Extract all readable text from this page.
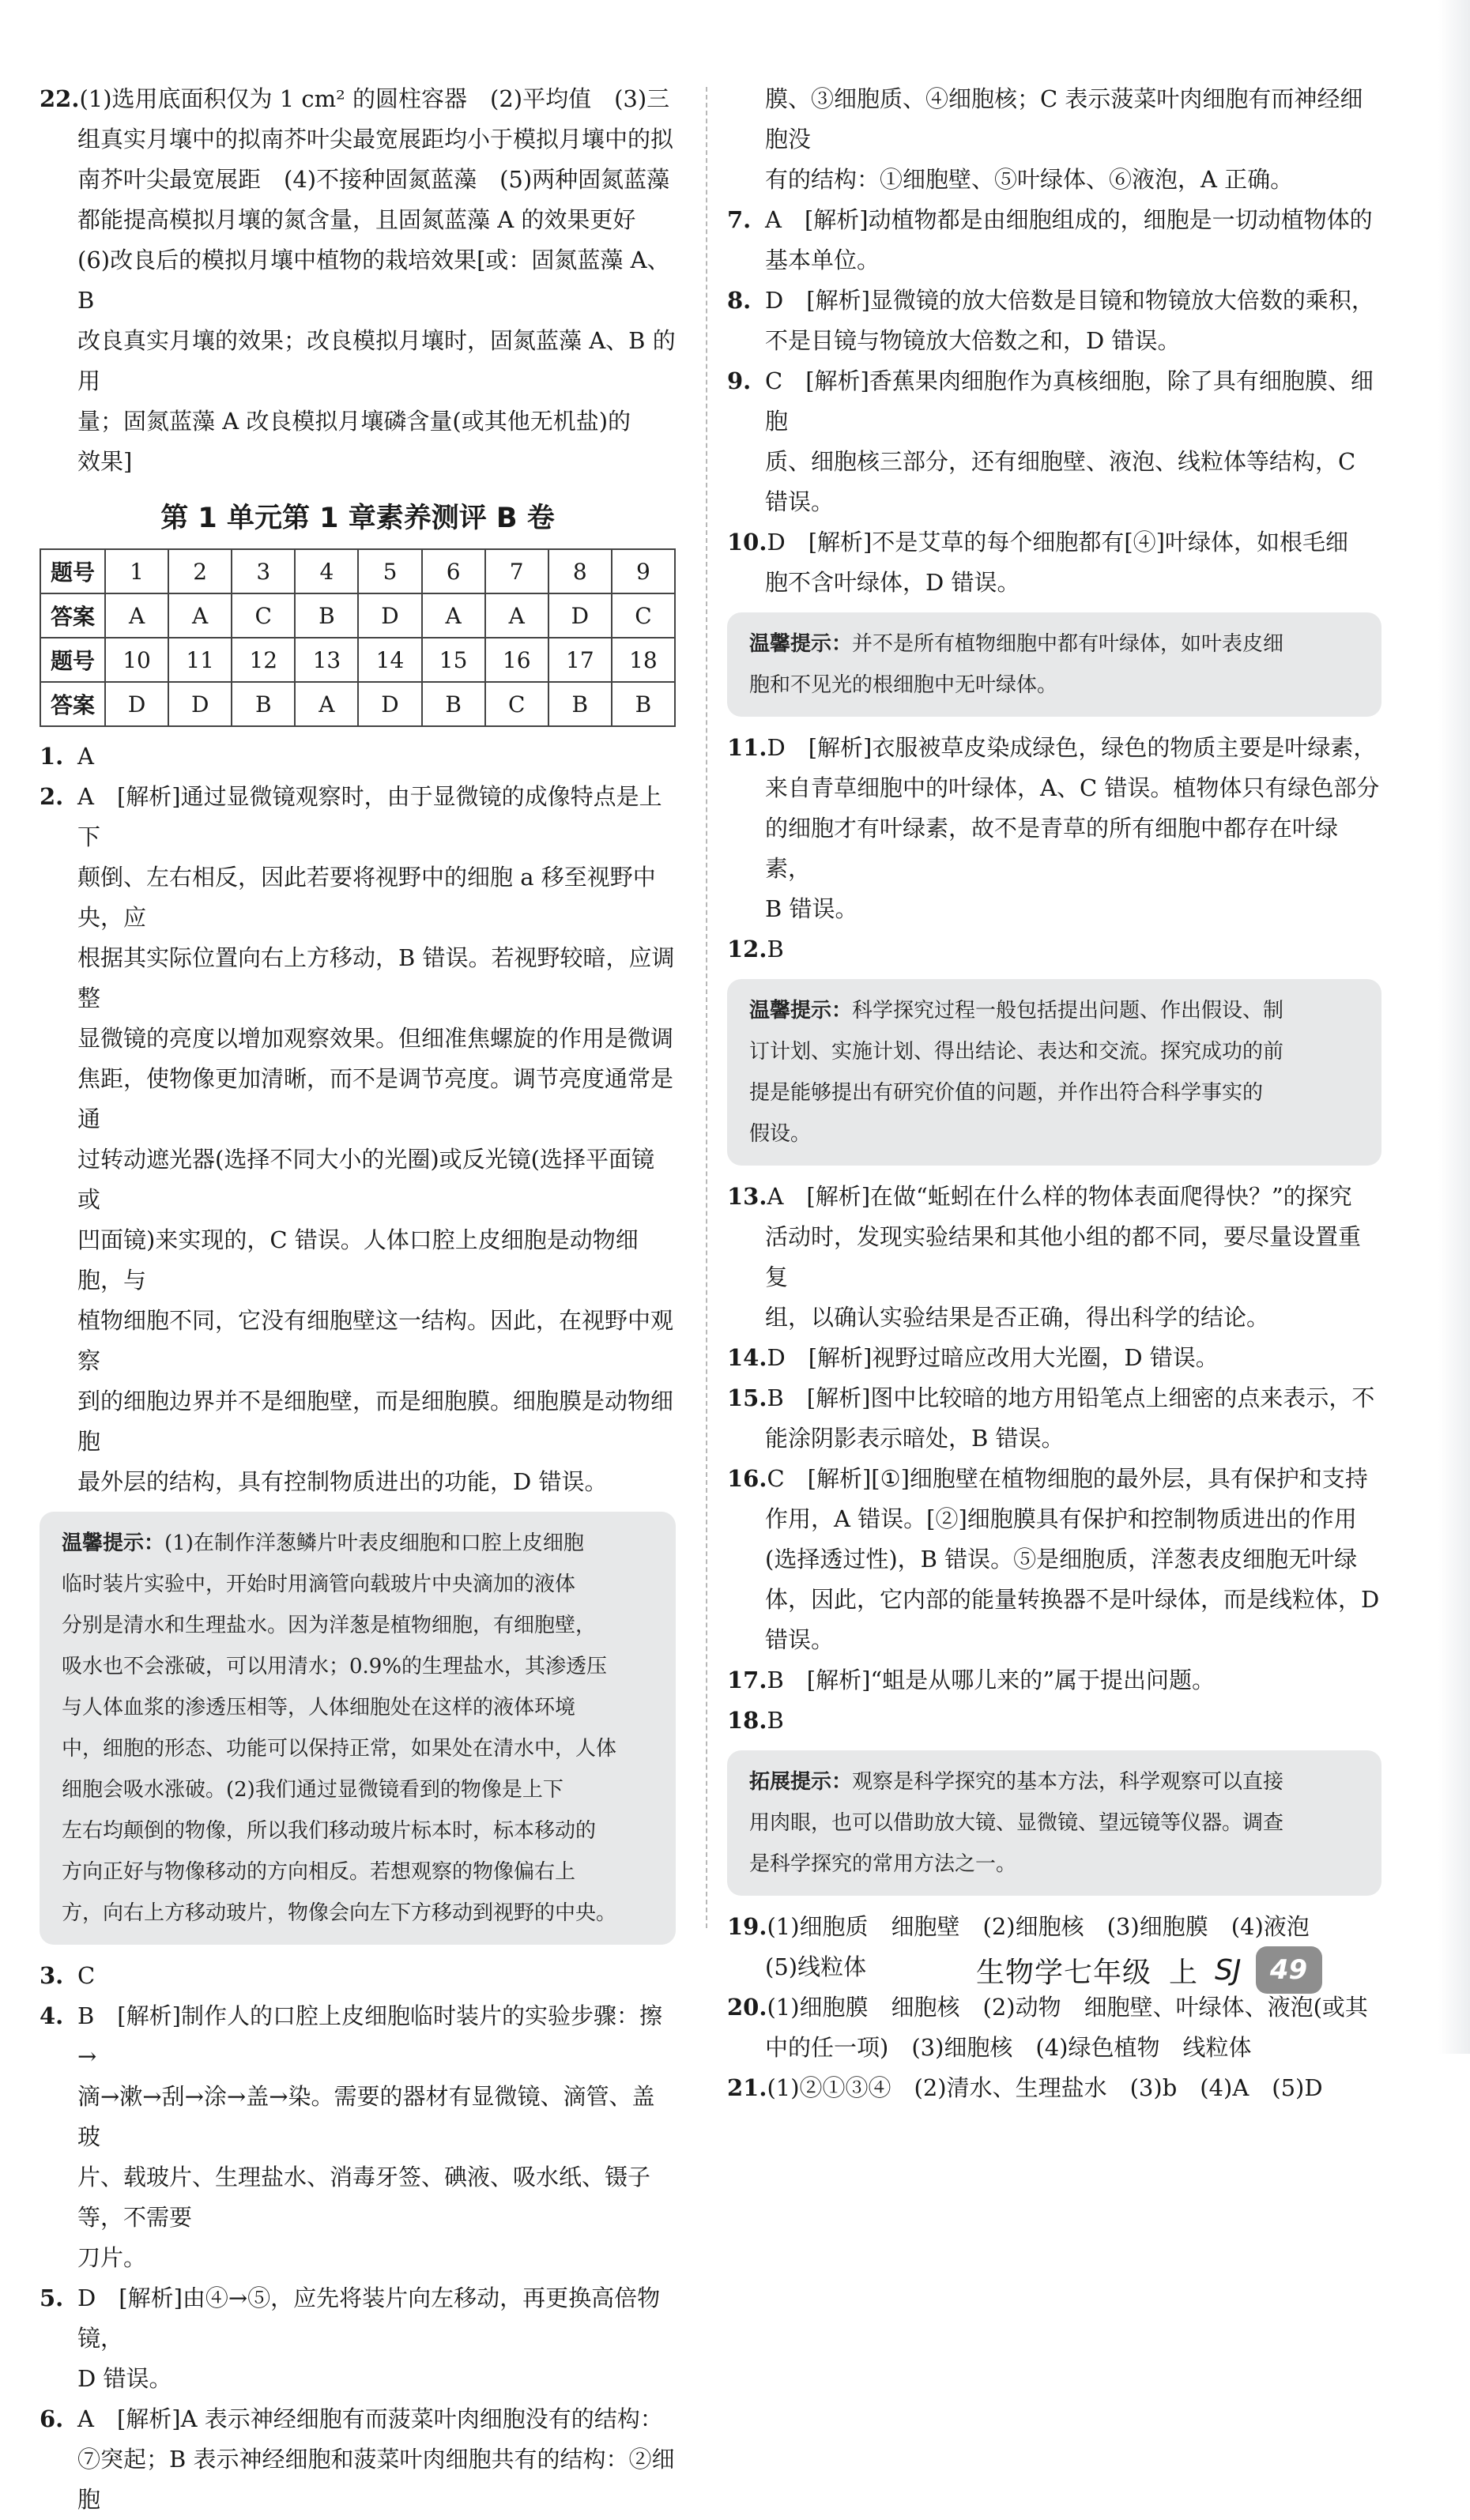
22. (1)选用底面积仅为 1 cm² 的圆柱容器　(2)平均值　(3)三

组真实月壤中的拟南芥叶尖最宽展距均小于模拟月壤中的拟

南芥叶尖最宽展距　(4)不接种固氮蓝藻　(5)两种固氮蓝藻

都能提高模拟月壤的氮含量，且固氮蓝藻 A 的效果更好

(6)改良后的模拟月壤中植物的栽培效果[或：固氮蓝藻 A、B

改良真实月壤的效果；改良模拟月壤时，固氮蓝藻 A、B 的用

量；固氮蓝藻 A 改良模拟月壤磷含量(或其他无机盐)的

效果]

第 1 单元第 1 章素养测评 B 卷
题号	1	2	3	4	5	6	7	8	9
答案	A	A	C	B	D	A	A	D	C
题号	10	11	12	13	14	15	16	17	18
答案	D	D	B	A	D	B	C	B	B
1. A
2. A　[解析]通过显微镜观察时，由于显微镜的成像特点是上下

颠倒、左右相反，因此若要将视野中的细胞 a 移至视野中央，应

根据其实际位置向右上方移动，B 错误。若视野较暗，应调整

显微镜的亮度以增加观察效果。但细准焦螺旋的作用是微调

焦距，使物像更加清晰，而不是调节亮度。调节亮度通常是通

过转动遮光器(选择不同大小的光圈)或反光镜(选择平面镜或

凹面镜)来实现的，C 错误。人体口腔上皮细胞是动物细胞，与

植物细胞不同，它没有细胞壁这一结构。因此，在视野中观察

到的细胞边界并不是细胞壁，而是细胞膜。细胞膜是动物细胞

最外层的结构，具有控制物质进出的功能，D 错误。

温馨提示：(1)在制作洋葱鳞片叶表皮细胞和口腔上皮细胞
临时装片实验中，开始时用滴管向载玻片中央滴加的液体
分别是清水和生理盐水。因为洋葱是植物细胞，有细胞壁，
吸水也不会涨破，可以用清水；0.9%的生理盐水，其渗透压
与人体血浆的渗透压相等，人体细胞处在这样的液体环境
中，细胞的形态、功能可以保持正常，如果处在清水中，人体
细胞会吸水涨破。(2)我们通过显微镜看到的物像是上下
左右均颠倒的物像，所以我们移动玻片标本时，标本移动的
方向正好与物像移动的方向相反。若想观察的物像偏右上
方，向右上方移动玻片，物像会向左下方移动到视野的中央。
3. C
4. B　[解析]制作人的口腔上皮细胞临时装片的实验步骤：擦→

滴→漱→刮→涂→盖→染。需要的器材有显微镜、滴管、盖玻

片、载玻片、生理盐水、消毒牙签、碘液、吸水纸、镊子等，不需要

刀片。

5. D　[解析]由④→⑤，应先将装片向左移动，再更换高倍物镜，

D 错误。

6. A　[解析]A 表示神经细胞有而菠菜叶肉细胞没有的结构：

⑦突起；B 表示神经细胞和菠菜叶肉细胞共有的结构：②细胞

膜、③细胞质、④细胞核；C 表示菠菜叶肉细胞有而神经细胞没

有的结构：①细胞壁、⑤叶绿体、⑥液泡，A 正确。

7. A　[解析]动植物都是由细胞组成的，细胞是一切动植物体的

基本单位。

8. D　[解析]显微镜的放大倍数是目镜和物镜放大倍数的乘积，

不是目镜与物镜放大倍数之和，D 错误。

9. C　[解析]香蕉果肉细胞作为真核细胞，除了具有细胞膜、细胞

质、细胞核三部分，还有细胞壁、液泡、线粒体等结构，C 错误。

10. D　[解析]不是艾草的每个细胞都有[④]叶绿体，如根毛细

胞不含叶绿体，D 错误。

温馨提示：并不是所有植物细胞中都有叶绿体，如叶表皮细
胞和不见光的根细胞中无叶绿体。
11. D　[解析]衣服被草皮染成绿色，绿色的物质主要是叶绿素，

来自青草细胞中的叶绿体，A、C 错误。植物体只有绿色部分

的细胞才有叶绿素，故不是青草的所有细胞中都存在叶绿素，

B 错误。

12. B
温馨提示：科学探究过程一般包括提出问题、作出假设、制
订计划、实施计划、得出结论、表达和交流。探究成功的前
提是能够提出有研究价值的问题，并作出符合科学事实的
假设。
13. A　[解析]在做“蚯蚓在什么样的物体表面爬得快？”的探究

活动时，发现实验结果和其他小组的都不同，要尽量设置重复

组，以确认实验结果是否正确，得出科学的结论。

14. D　[解析]视野过暗应改用大光圈，D 错误。
15. B　[解析]图中比较暗的地方用铅笔点上细密的点来表示，不

能涂阴影表示暗处，B 错误。

16. C　[解析][①]细胞壁在植物细胞的最外层，具有保护和支持

作用，A 错误。[②]细胞膜具有保护和控制物质进出的作用

(选择透过性)，B 错误。⑤是细胞质，洋葱表皮细胞无叶绿

体，因此，它内部的能量转换器不是叶绿体，而是线粒体，D

错误。

17. B　[解析]“蛆是从哪儿来的”属于提出问题。
18. B
拓展提示：观察是科学探究的基本方法，科学观察可以直接
用肉眼，也可以借助放大镜、显微镜、望远镜等仪器。调查
是科学探究的常用方法之一。
19. (1)细胞质　细胞壁　(2)细胞核　(3)细胞膜　(4)液泡

(5)线粒体

20. (1)细胞膜　细胞核　(2)动物　细胞壁、叶绿体、液泡(或其

中的任一项)　(3)细胞核　(4)绿色植物　线粒体

21. (1)②①③④　(2)清水、生理盐水　(3)b　(4)A　(5)D
生物学七年级 上 SJ	49
